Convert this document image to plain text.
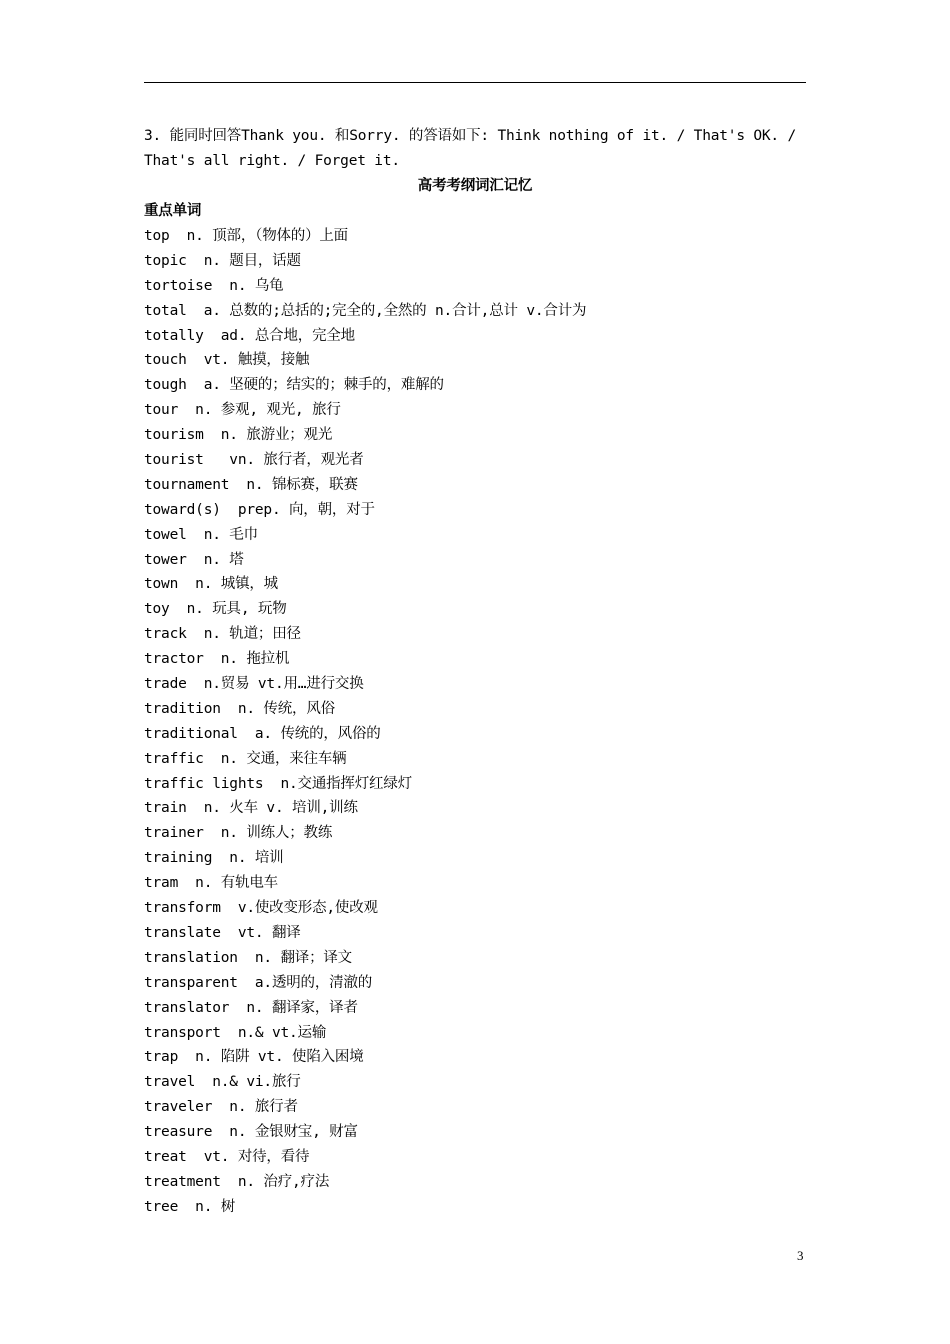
3. 能同时回答Thank you. 和Sorry. 的答语如下: Think nothing of it. / That's OK. / That's all right. / Forget it.

高考考纲词汇记忆

重点单词

top  n. 顶部，（物体的）上面

topic  n. 题目，话题

tortoise  n. 乌龟

total  a. 总数的;总括的;完全的,全然的 n.合计,总计 v.合计为

totally  ad. 总合地，完全地

touch  vt. 触摸，接触

tough  a. 坚硬的；结实的；棘手的，难解的

tour  n. 参观, 观光, 旅行

tourism  n. 旅游业；观光

tourist   vn. 旅行者，观光者

tournament  n. 锦标赛，联赛

toward(s)  prep. 向，朝，对于

towel  n. 毛巾

tower  n. 塔

town  n. 城镇，城

toy  n. 玩具, 玩物

track  n. 轨道；田径

tractor  n. 拖拉机

trade  n.贸易 vt.用…进行交换

tradition  n. 传统，风俗

traditional  a. 传统的，风俗的

traffic  n. 交通，来往车辆

traffic lights  n.交通指挥灯红绿灯

train  n. 火车 v. 培训,训练

trainer  n. 训练人；教练

training  n. 培训

tram  n. 有轨电车

transform  v.使改变形态,使改观

translate  vt. 翻译

translation  n. 翻译；译文

transparent  a.透明的，清澈的

translator  n. 翻译家，译者

transport  n.& vt.运输

trap  n. 陷阱 vt. 使陷入困境

travel  n.& vi.旅行

traveler  n. 旅行者

treasure  n. 金银财宝, 财富

treat  vt. 对待，看待

treatment  n. 治疗,疗法

tree  n. 树

3
